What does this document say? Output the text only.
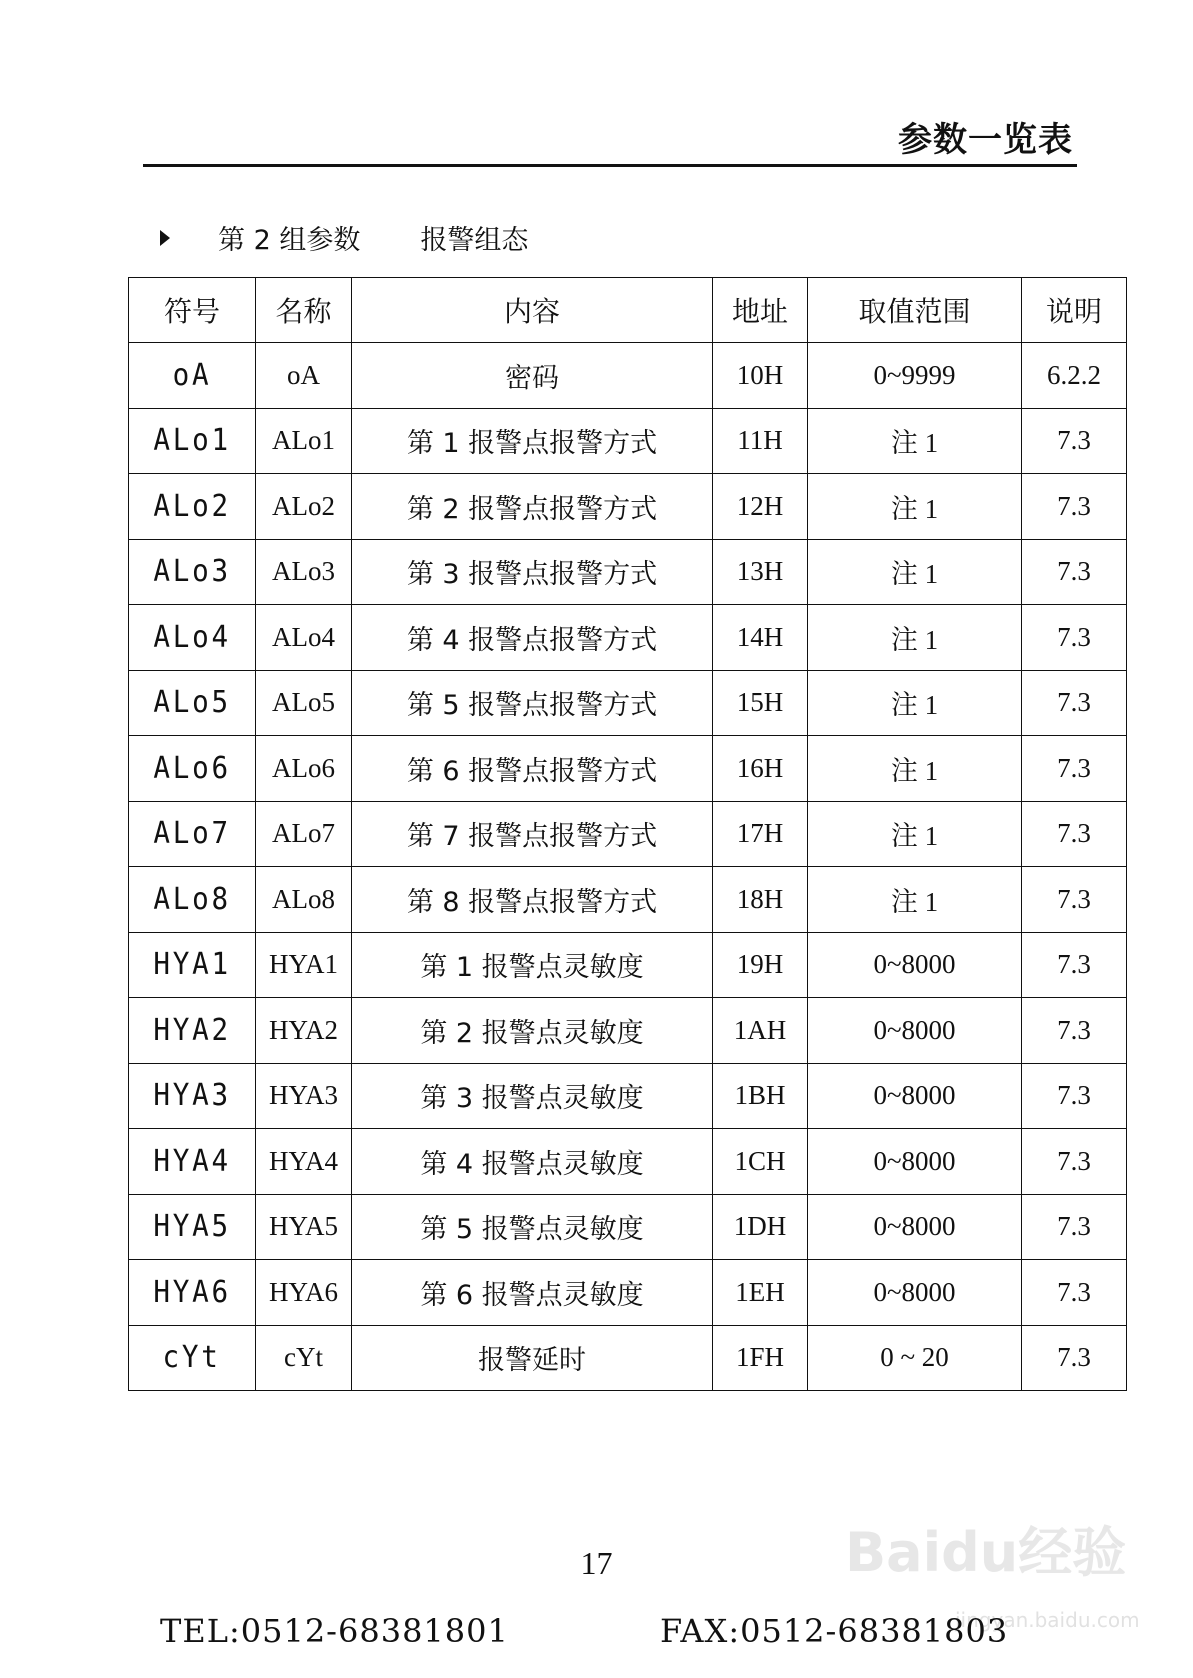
参数一览表
第 2 组参数 报警组态
符号	名称	内容	地址	取值范围	说明
oA	oA	密码	10H	0~9999	6.2.2
ALo1	ALo1	第 1 报警点报警方式	11H	注 1	7.3
ALo2	ALo2	第 2 报警点报警方式	12H	注 1	7.3
ALo3	ALo3	第 3 报警点报警方式	13H	注 1	7.3
ALo4	ALo4	第 4 报警点报警方式	14H	注 1	7.3
ALo5	ALo5	第 5 报警点报警方式	15H	注 1	7.3
ALo6	ALo6	第 6 报警点报警方式	16H	注 1	7.3
ALo7	ALo7	第 7 报警点报警方式	17H	注 1	7.3
ALo8	ALo8	第 8 报警点报警方式	18H	注 1	7.3
HYA1	HYA1	第 1 报警点灵敏度	19H	0~8000	7.3
HYA2	HYA2	第 2 报警点灵敏度	1AH	0~8000	7.3
HYA3	HYA3	第 3 报警点灵敏度	1BH	0~8000	7.3
HYA4	HYA4	第 4 报警点灵敏度	1CH	0~8000	7.3
HYA5	HYA5	第 5 报警点灵敏度	1DH	0~8000	7.3
HYA6	HYA6	第 6 报警点灵敏度	1EH	0~8000	7.3
cYt	cYt	报警延时	1FH	0 ~ 20	7.3
Baidu经验
jingyan.baidu.com
17
TEL:0512-68381801	FAX:0512-68381803
